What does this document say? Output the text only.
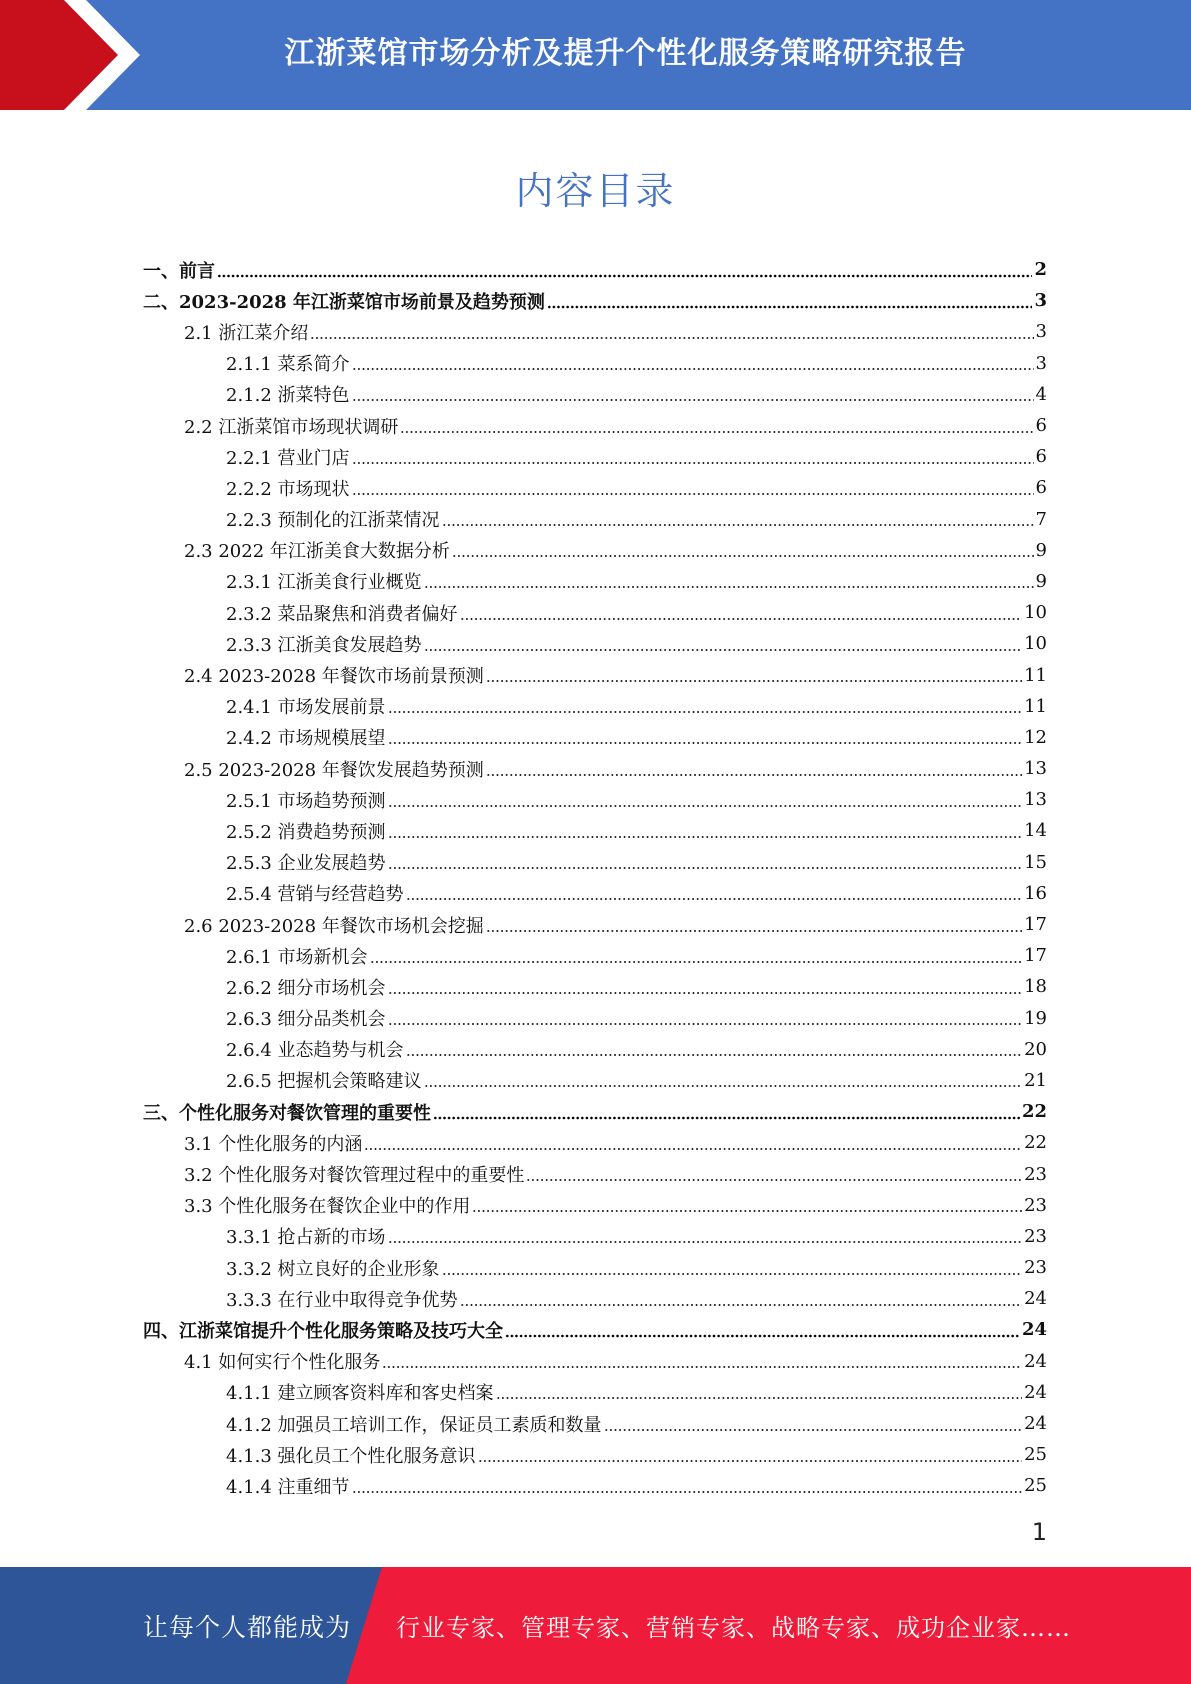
江浙菜馆市场分析及提升个性化服务策略研究报告
内容目录
一、前言	2
二、2023-2028 年江浙菜馆市场前景及趋势预测	3
2.1 浙江菜介绍	3
2.1.1 菜系简介	3
2.1.2 浙菜特色	4
2.2 江浙菜馆市场现状调研	6
2.2.1 营业门店	6
2.2.2 市场现状	6
2.2.3 预制化的江浙菜情况	7
2.3 2022 年江浙美食大数据分析	9
2.3.1 江浙美食行业概览	9
2.3.2 菜品聚焦和消费者偏好	10
2.3.3 江浙美食发展趋势	10
2.4 2023-2028 年餐饮市场前景预测	11
2.4.1 市场发展前景	11
2.4.2 市场规模展望	12
2.5 2023-2028 年餐饮发展趋势预测	13
2.5.1 市场趋势预测	13
2.5.2 消费趋势预测	14
2.5.3 企业发展趋势	15
2.5.4 营销与经营趋势	16
2.6 2023-2028 年餐饮市场机会挖掘	17
2.6.1 市场新机会	17
2.6.2 细分市场机会	18
2.6.3 细分品类机会	19
2.6.4 业态趋势与机会	20
2.6.5 把握机会策略建议	21
三、个性化服务对餐饮管理的重要性	22
3.1 个性化服务的内涵	22
3.2 个性化服务对餐饮管理过程中的重要性	23
3.3 个性化服务在餐饮企业中的作用	23
3.3.1 抢占新的市场	23
3.3.2 树立良好的企业形象	23
3.3.3 在行业中取得竞争优势	24
四、江浙菜馆提升个性化服务策略及技巧大全	24
4.1 如何实行个性化服务	24
4.1.1 建立顾客资料库和客史档案	24
4.1.2 加强员工培训工作，保证员工素质和数量	24
4.1.3 强化员工个性化服务意识	25
4.1.4 注重细节	25
1
让每个人都能成为 行业专家、管理专家、营销专家、战略专家、成功企业家……
